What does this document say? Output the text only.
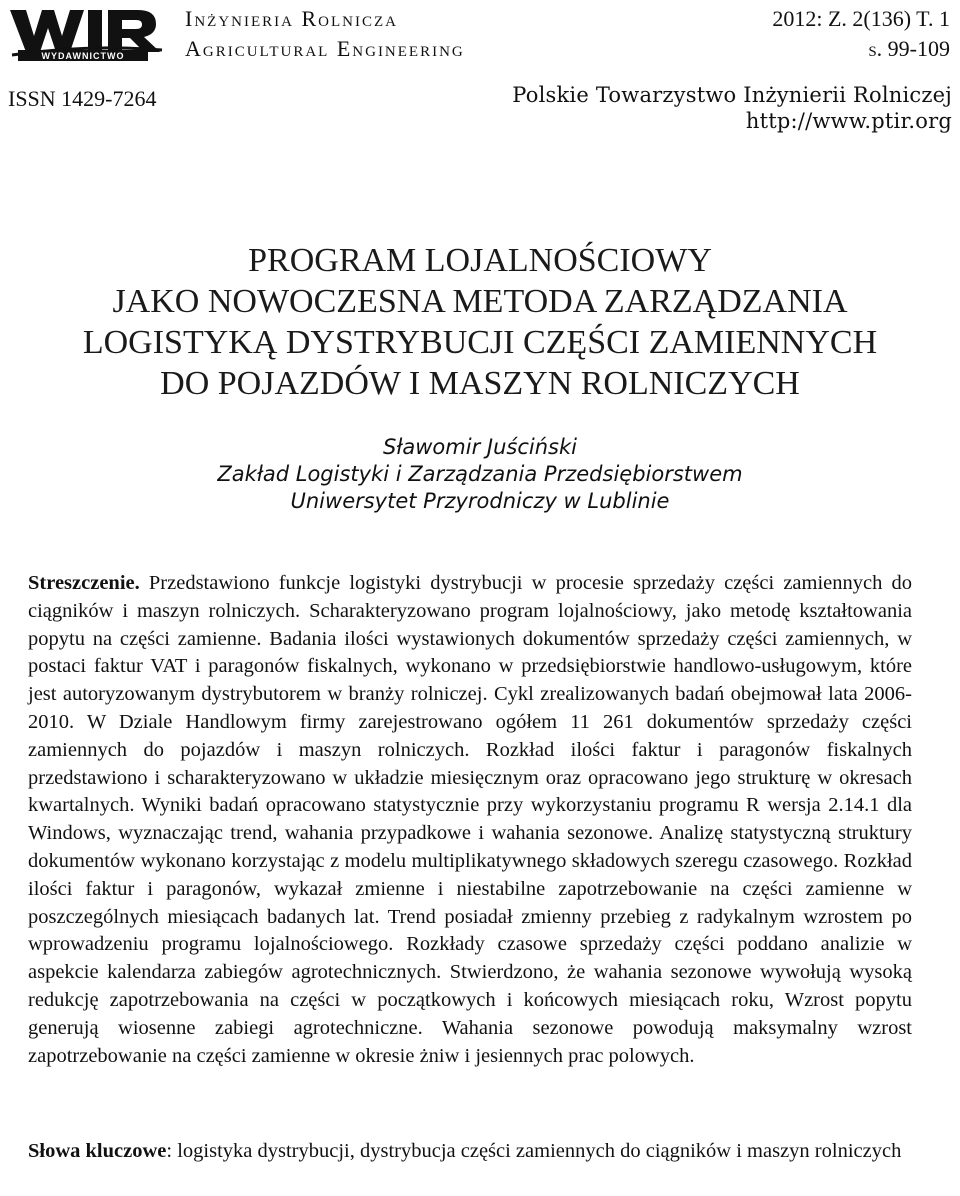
WYDAWNICTWO
Inżynieria Rolnicza
Agricultural Engineering
2012: Z. 2(136) T. 1
s. 99-109
ISSN 1429-7264	Polskie Towarzystwo Inżynierii Rolniczej
http://www.ptir.org
PROGRAM LOJALNOŚCIOWY
JAKO NOWOCZESNA METODA ZARZĄDZANIA
LOGISTYKĄ DYSTRYBUCJI CZĘŚCI ZAMIENNYCH
DO POJAZDÓW I MASZYN ROLNICZYCH
Sławomir Juściński
Zakład Logistyki i Zarządzania Przedsiębiorstwem
Uniwersytet Przyrodniczy w Lublinie
Streszczenie. Przedstawiono funkcje logistyki dystrybucji w procesie sprzedaży części zamiennych do ciągników i maszyn rolniczych. Scharakteryzowano program lojalnościowy, jako metodę kształtowania popytu na części zamienne. Badania ilości wystawionych dokumentów sprzedaży części zamiennych, w postaci faktur VAT i paragonów fiskalnych, wykonano w przedsiębiorstwie handlowo-usługowym, które jest autoryzowanym dystrybutorem w branży rolniczej. Cykl zrealizowanych badań obejmował lata 2006-2010. W Dziale Handlowym firmy zarejestrowano ogółem 11 261 dokumentów sprzedaży części zamiennych do pojazdów i maszyn rolniczych. Rozkład ilości faktur i paragonów fiskalnych przedstawiono i scharakteryzowano w układzie miesięcznym oraz opracowano jego strukturę w okresach kwartalnych. Wyniki badań opracowano statystycznie przy wykorzystaniu programu R wersja 2.14.1 dla Windows, wyznaczając trend, wahania przypadkowe i wahania sezonowe. Analizę statystyczną struktury dokumentów wykonano korzystając z modelu multiplikatywnego składowych szeregu czasowego. Rozkład ilości faktur i paragonów, wykazał zmienne i niestabilne zapotrzebowanie na części zamienne w poszczególnych miesiącach badanych lat. Trend posiadał zmienny przebieg z radykalnym wzrostem po wprowadzeniu programu lojalnościowego. Rozkłady czasowe sprzedaży części poddano analizie w aspekcie kalendarza zabiegów agrotechnicznych. Stwierdzono, że wahania sezonowe wywołują wysoką redukcję zapotrzebowania na części w początkowych i końcowych miesiącach roku, Wzrost popytu generują wiosenne zabiegi agrotechniczne. Wahania sezonowe powodują maksymalny wzrost zapotrzebowanie na części zamienne w okresie żniw i jesiennych prac polowych.
Słowa kluczowe: logistyka dystrybucji, dystrybucja części zamiennych do ciągników i maszyn rolniczych
